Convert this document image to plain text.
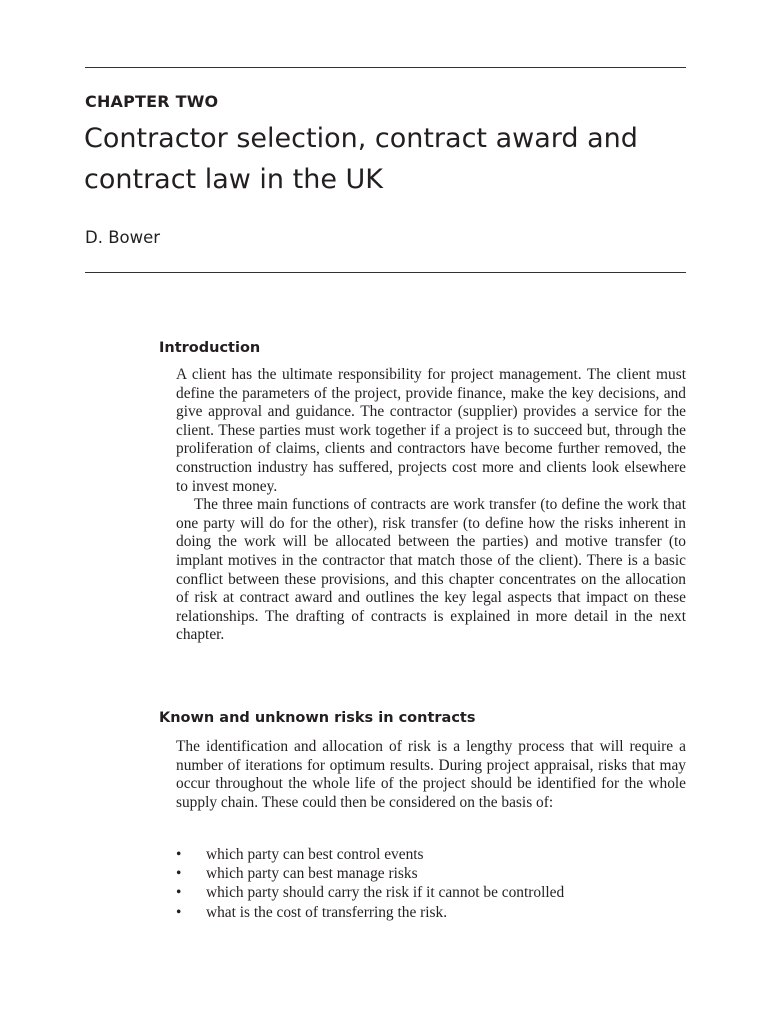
CHAPTER TWO
Contractor selection, contract award and contract law in the UK
D. Bower
Introduction

A client has the ultimate responsibility for project management. The client must define the parameters of the project, provide finance, make the key decisions, and give approval and guidance. The contractor (supplier) provides a service for the client. These parties must work together if a project is to succeed but, through the proliferation of claims, clients and contractors have become further removed, the construction industry has suffered, projects cost more and clients look elsewhere to invest money.

The three main functions of contracts are work transfer (to define the work that one party will do for the other), risk transfer (to define how the risks inherent in doing the work will be allocated between the parties) and motive transfer (to implant motives in the contractor that match those of the client). There is a basic conflict between these provisions, and this chapter concentrates on the allocation of risk at contract award and outlines the key legal aspects that impact on these relationships. The drafting of contracts is explained in more detail in the next chapter.

Known and unknown risks in contracts

The identification and allocation of risk is a lengthy process that will require a number of iterations for optimum results. During project appraisal, risks that may occur throughout the whole life of the project should be identified for the whole supply chain. These could then be considered on the basis of:

• which party can best control events
• which party can best manage risks
• which party should carry the risk if it cannot be controlled
• what is the cost of transferring the risk.
